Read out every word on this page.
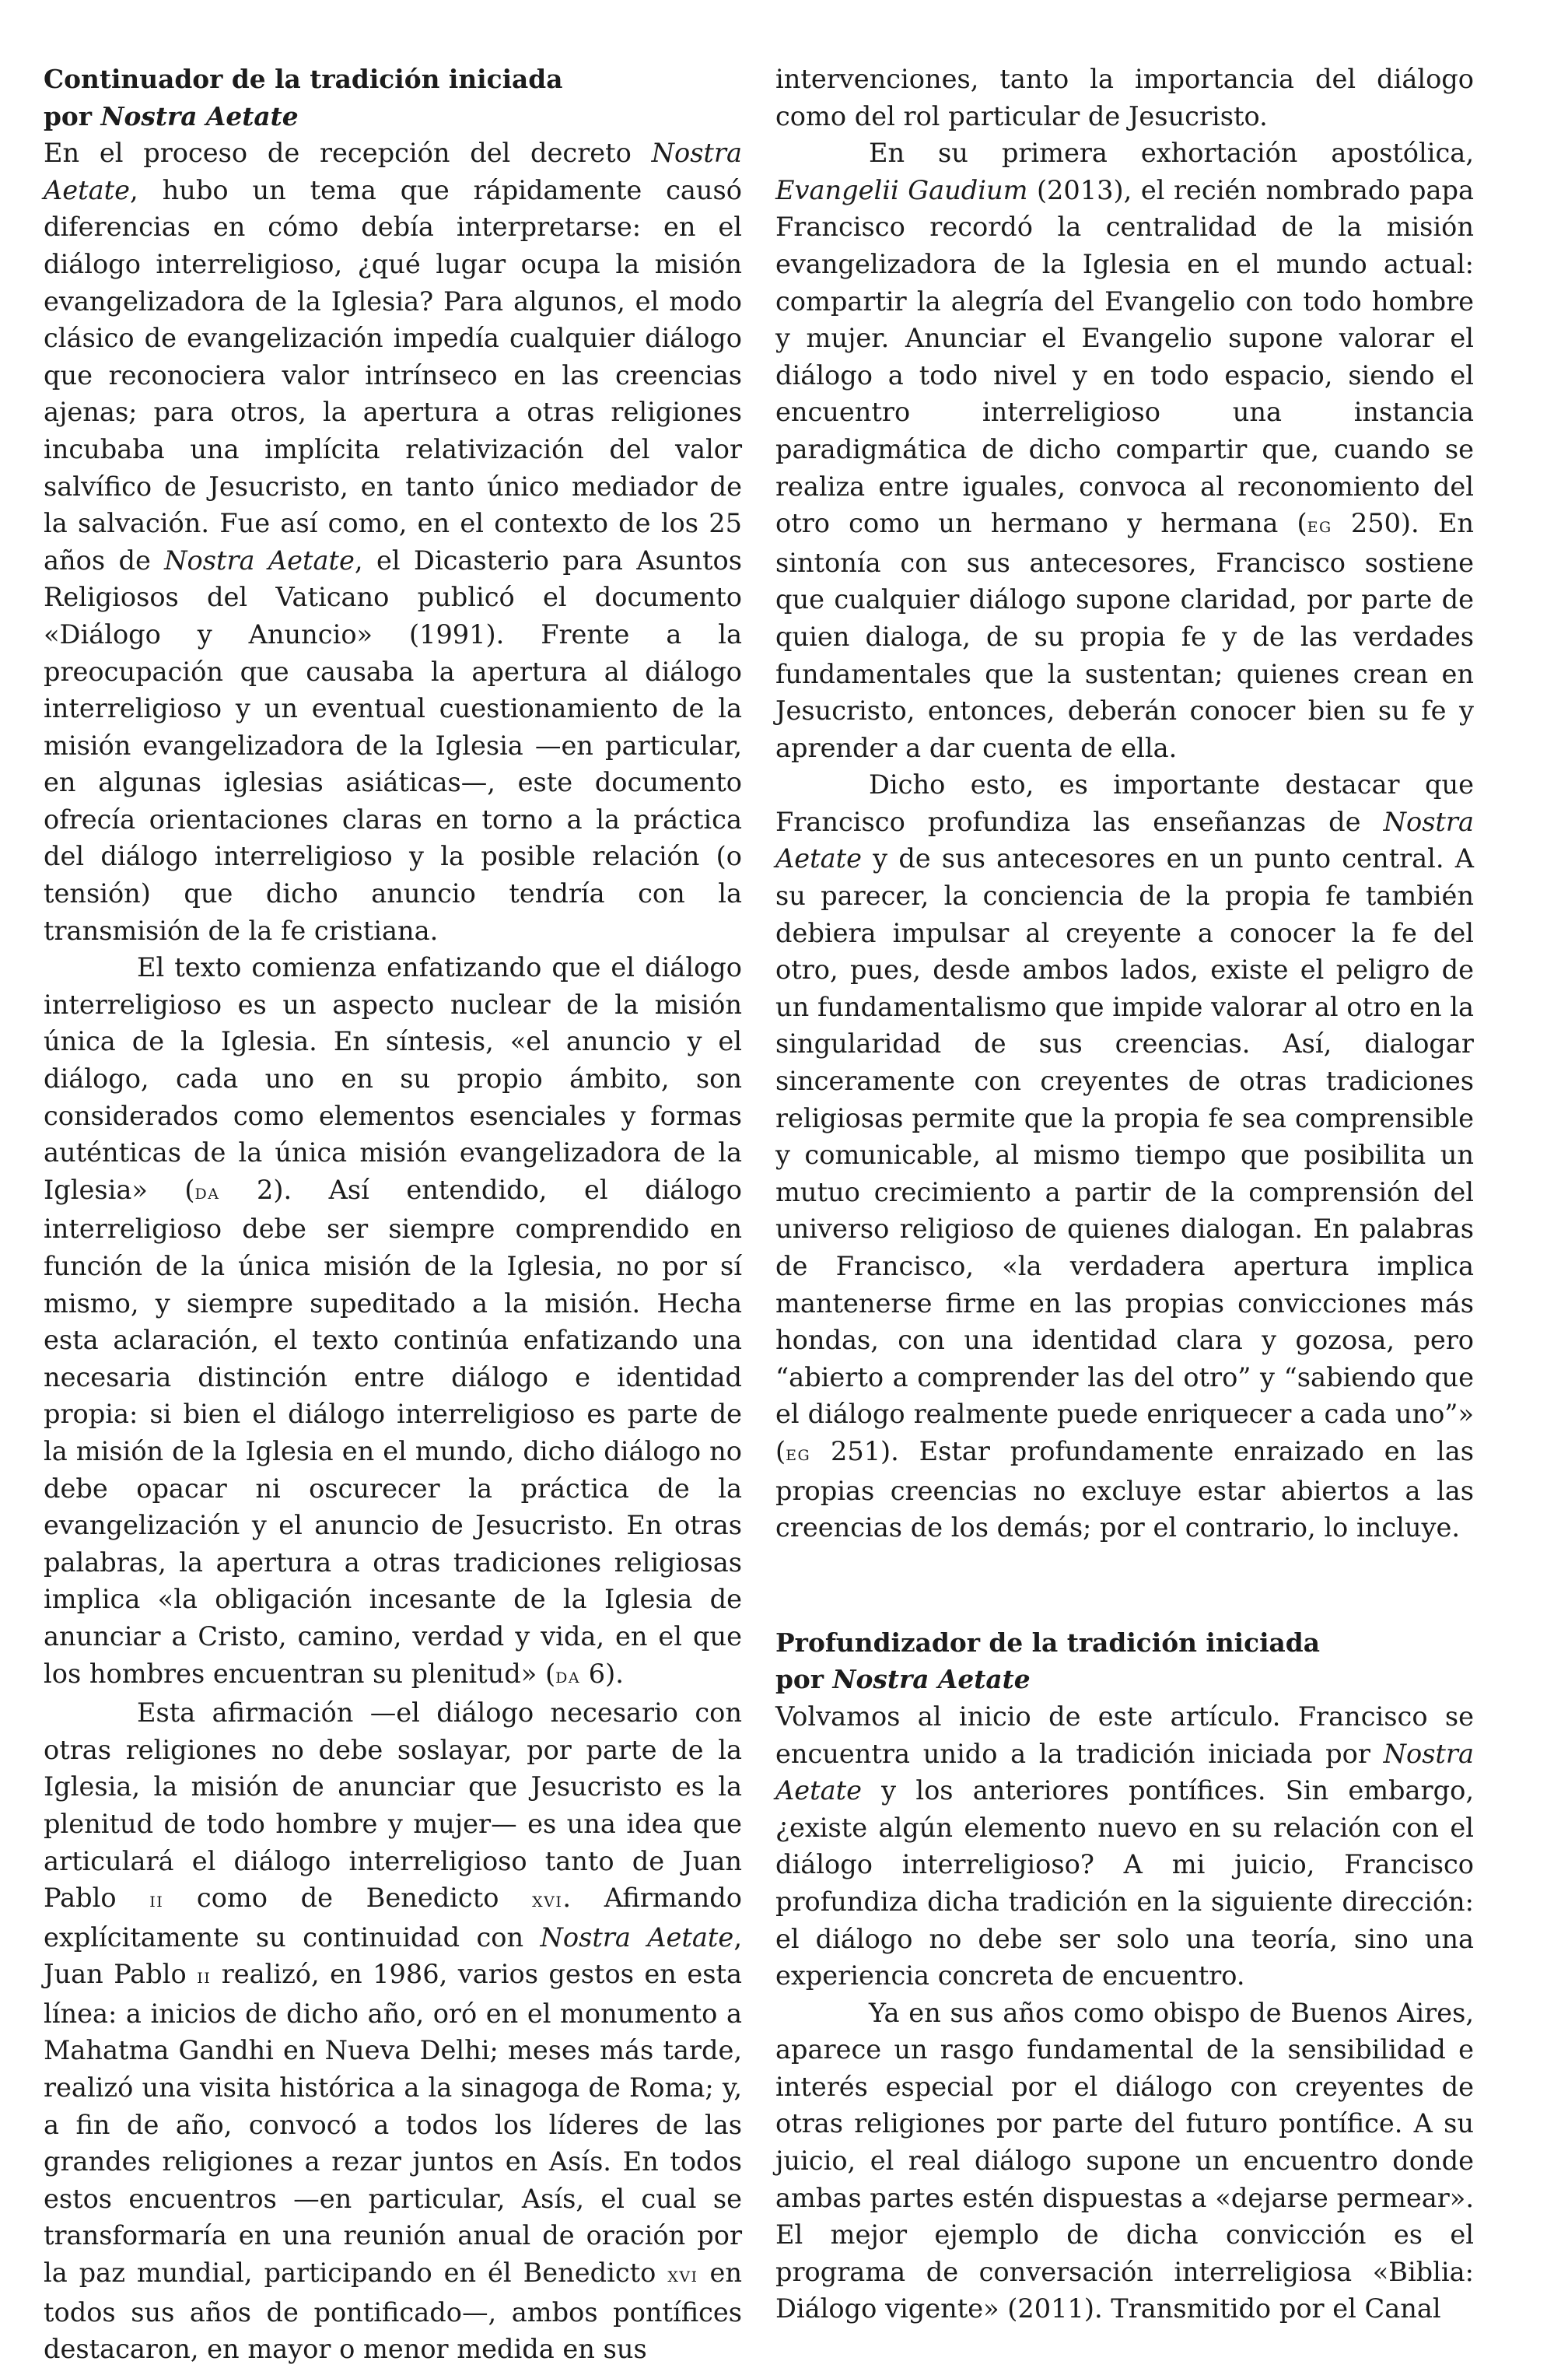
Continuador de la tradición iniciada
por Nostra Aetate

En el proceso de recepción del decreto Nostra Aetate, hubo un tema que rápidamente causó diferencias en cómo debía interpretarse: en el diálogo interreligioso, ¿qué lugar ocupa la misión evangelizadora de la Iglesia? Para algunos, el modo clásico de evangelización impedía cualquier diálogo que reconociera valor intrínseco en las creencias ajenas; para otros, la apertura a otras religiones incubaba una implícita relativización del valor salvífico de Jesucristo, en tanto único mediador de la salvación. Fue así como, en el contexto de los 25 años de Nostra Aetate, el Dicasterio para Asuntos Religiosos del Vaticano publicó el documento «Diálogo y Anuncio» (1991). Frente a la preocupación que causaba la apertura al diálogo interreligioso y un eventual cuestionamiento de la misión evangelizadora de la Iglesia —en particular, en algunas iglesias asiáticas—, este documento ofrecía orientaciones claras en torno a la práctica del diálogo interreligioso y la posible relación (o tensión) que dicho anuncio tendría con la transmisión de la fe cristiana.

El texto comienza enfatizando que el diálogo interreligioso es un aspecto nuclear de la misión única de la Iglesia. En síntesis, «el anuncio y el diálogo, cada uno en su propio ámbito, son considerados como elementos esenciales y formas auténticas de la única misión evangelizadora de la Iglesia» (da 2). Así entendido, el diálogo interreligioso debe ser siempre comprendido en función de la única misión de la Iglesia, no por sí mismo, y siempre supeditado a la misión. Hecha esta aclaración, el texto continúa enfatizando una necesaria distinción entre diálogo e identidad propia: si bien el diálogo interreligioso es parte de la misión de la Iglesia en el mundo, dicho diálogo no debe opacar ni oscurecer la práctica de la evangelización y el anuncio de Jesucristo. En otras palabras, la apertura a otras tradiciones religiosas implica «la obligación incesante de la Iglesia de anunciar a Cristo, camino, verdad y vida, en el que los hombres encuentran su plenitud» (da 6).

Esta afirmación —el diálogo necesario con otras religiones no debe soslayar, por parte de la Iglesia, la misión de anunciar que Jesucristo es la plenitud de todo hombre y mujer— es una idea que articulará el diálogo interreligioso tanto de Juan Pablo ii como de Benedicto xvi. Afirmando explícitamente su continuidad con Nostra Aetate, Juan Pablo ii realizó, en 1986, varios gestos en esta línea: a inicios de dicho año, oró en el monumento a Mahatma Gandhi en Nueva Delhi; meses más tarde, realizó una visita histórica a la sinagoga de Roma; y, a fin de año, convocó a todos los líderes de las grandes religiones a rezar juntos en Asís. En todos estos encuentros —en particular, Asís, el cual se transformaría en una reunión anual de oración por la paz mundial, participando en él Benedicto xvi en todos sus años de pontificado—, ambos pontífices destacaron, en mayor o menor medida en sus

intervenciones, tanto la importancia del diálogo como del rol particular de Jesucristo.

En su primera exhortación apostólica, Evangelii Gaudium (2013), el recién nombrado papa Francisco recordó la centralidad de la misión evangelizadora de la Iglesia en el mundo actual: compartir la alegría del Evangelio con todo hombre y mujer. Anunciar el Evangelio supone valorar el diálogo a todo nivel y en todo espacio, siendo el encuentro interreligioso una instancia paradigmática de dicho compartir que, cuando se realiza entre iguales, convoca al reconomiento del otro como un hermano y hermana (eg 250). En sintonía con sus antecesores, Francisco sostiene que cualquier diálogo supone claridad, por parte de quien dialoga, de su propia fe y de las verdades fundamentales que la sustentan; quienes crean en Jesucristo, entonces, deberán conocer bien su fe y aprender a dar cuenta de ella.

Dicho esto, es importante destacar que Francisco profundiza las enseñanzas de Nostra Aetate y de sus antecesores en un punto central. A su parecer, la conciencia de la propia fe también debiera impulsar al creyente a conocer la fe del otro, pues, desde ambos lados, existe el peligro de un fundamentalismo que impide valorar al otro en la singularidad de sus creencias. Así, dialogar sinceramente con creyentes de otras tradiciones religiosas permite que la propia fe sea comprensible y comunicable, al mismo tiempo que posibilita un mutuo crecimiento a partir de la comprensión del universo religioso de quienes dialogan. En palabras de Francisco, «la verdadera apertura implica mantenerse firme en las propias convicciones más hondas, con una identidad clara y gozosa, pero “abierto a comprender las del otro” y “sabiendo que el diálogo realmente puede enriquecer a cada uno”» (eg 251). Estar profundamente enraizado en las propias creencias no excluye estar abiertos a las creencias de los demás; por el contrario, lo incluye.

Profundizador de la tradición iniciada
por Nostra Aetate

Volvamos al inicio de este artículo. Francisco se encuentra unido a la tradición iniciada por Nostra Aetate y los anteriores pontífices. Sin embargo, ¿existe algún elemento nuevo en su relación con el diálogo interreligioso? A mi juicio, Francisco profundiza dicha tradición en la siguiente dirección: el diálogo no debe ser solo una teoría, sino una experiencia concreta de encuentro.

Ya en sus años como obispo de Buenos Aires, aparece un rasgo fundamental de la sensibilidad e interés especial por el diálogo con creyentes de otras religiones por parte del futuro pontífice. A su juicio, el real diálogo supone un encuentro donde ambas partes estén dispuestas a «dejarse permear». El mejor ejemplo de dicha convicción es el programa de conversación interreligiosa «Biblia: Diálogo vigente» (2011). Transmitido por el Canal
